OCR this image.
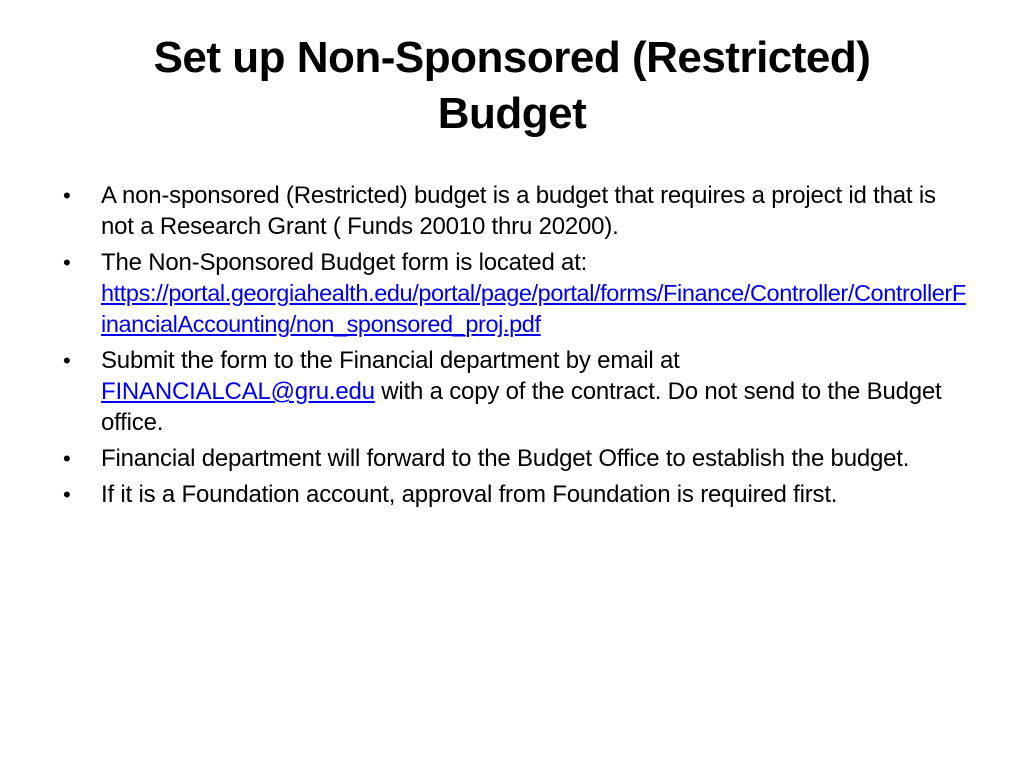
Set up Non-Sponsored (Restricted)
Budget
• A non-sponsored (Restricted) budget is a budget that requires a project id that is not a Research Grant ( Funds 20010 thru 20200).
• The Non-Sponsored Budget form is located at:
https://portal.georgiahealth.edu/portal/page/portal/forms/Finance/Controller/ControllerFinancialAccounting/non_sponsored_proj.pdf
• Submit the form to the Financial department by email at
FINANCIALCAL@gru.edu with a copy of the contract. Do not send to the Budget office.
• Financial department will forward to the Budget Office to establish the budget.
• If it is a Foundation account, approval from Foundation is required first.
